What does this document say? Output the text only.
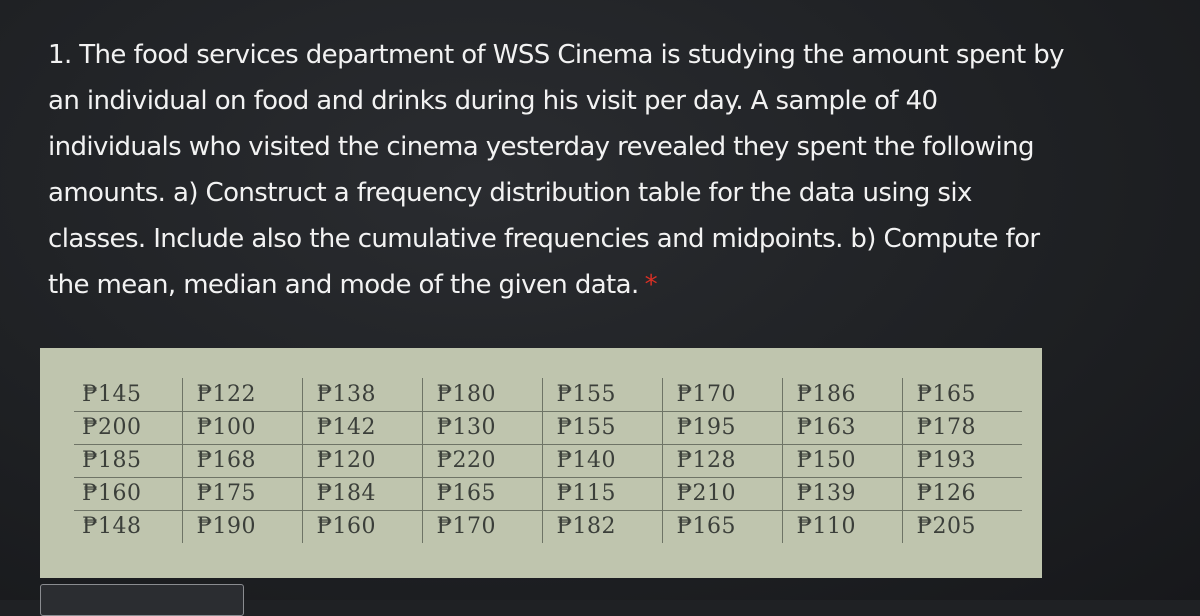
1. The food services department of WSS Cinema is studying the amount spent by
an individual on food and drinks during his visit per day. A sample of 40
individuals who visited the cinema yesterday revealed they spent the following
amounts. a) Construct a frequency distribution table for the data using six
classes. Include also the cumulative frequencies and midpoints. b) Compute for
the mean, median and mode of the given data. *
₱145	₱122	₱138	₱180	₱155	₱170	₱186	₱165
₱200	₱100	₱142	₱130	₱155	₱195	₱163	₱178
₱185	₱168	₱120	₱220	₱140	₱128	₱150	₱193
₱160	₱175	₱184	₱165	₱115	₱210	₱139	₱126
₱148	₱190	₱160	₱170	₱182	₱165	₱110	₱205
